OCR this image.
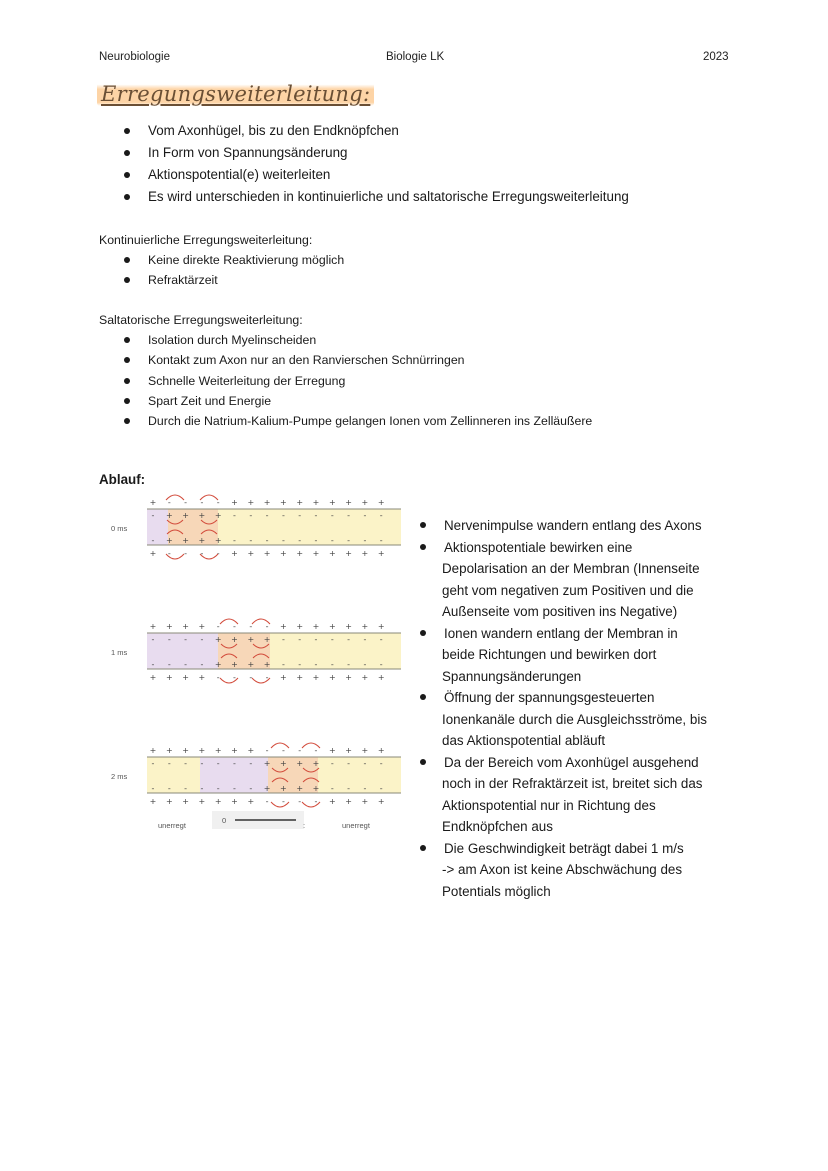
Neurobiologie	Biologie LK	2023
Erregungsweiterleitung:
Vom Axonhügel, bis zu den Endknöpfchen
In Form von Spannungsänderung
Aktionspotential(e) weiterleiten
Es wird unterschieden in kontinuierliche und saltatorische Erregungsweiterleitung
Kontinuierliche Erregungsweiterleitung:
Keine direkte Reaktivierung möglich
Refraktärzeit
Saltatorische Erregungsweiterleitung:
Isolation durch Myelinscheiden
Kontakt zum Axon nur an den Ranvierschen Schnürringen
Schnelle Weiterleitung der Erregung
Spart Zeit und Energie
Durch die Natrium-Kalium-Pumpe gelangen Ionen vom Zellinneren ins Zelläußere
Ablauf:
+
+
-
-
-
-
+
+
-
-
+
+
-
-
+
+
-
-
+
+
+
+
-
-
+
+
-
-
+
+
-
-
+
+
-
-
+
+
-
-
+
+
-
-
+
+
-
-
+
+
-
-
+
+
-
-
+
+
-
-
+
+
-
-
+
+
-
-
+
+
-
-
+
+
-
-
-
-
+
+
-
-
+
+
-
-
+
+
-
-
+
+
+
+
-
-
+
+
-
-
+
+
-
-
+
+
-
-
+
+
-
-
+
+
-
-
+
+
-
-
+
+
-
-
+
+
-
-
+
+
-
-
+
+
-
-
+
+
-
-
+
+
-
-
+
+
-
-
-
-
+
+
-
-
+
+
-
-
+
+
-
-
+
+
+
+
-
-
+
+
-
-
+
+
-
-
+
+
-
-
0 ms
1 ms
2 ms
0
:
unerregt	unerregt
Nervenimpulse wandern entlang des Axons
Aktionspotentiale bewirken eine
Depolarisation an der Membran (Innenseite
geht vom negativen zum Positiven und die
Außenseite vom positiven ins Negative)
Ionen wandern entlang der Membran in
beide Richtungen und bewirken dort
Spannungsänderungen
Öffnung der spannungsgesteuerten
Ionenkanäle durch die Ausgleichsströme, bis
das Aktionspotential abläuft
Da der Bereich vom Axonhügel ausgehend
noch in der Refraktärzeit ist, breitet sich das
Aktionspotential nur in Richtung des
Endknöpfchen aus
Die Geschwindigkeit beträgt dabei 1 m/s
-> am Axon ist keine Abschwächung des
Potentials möglich
